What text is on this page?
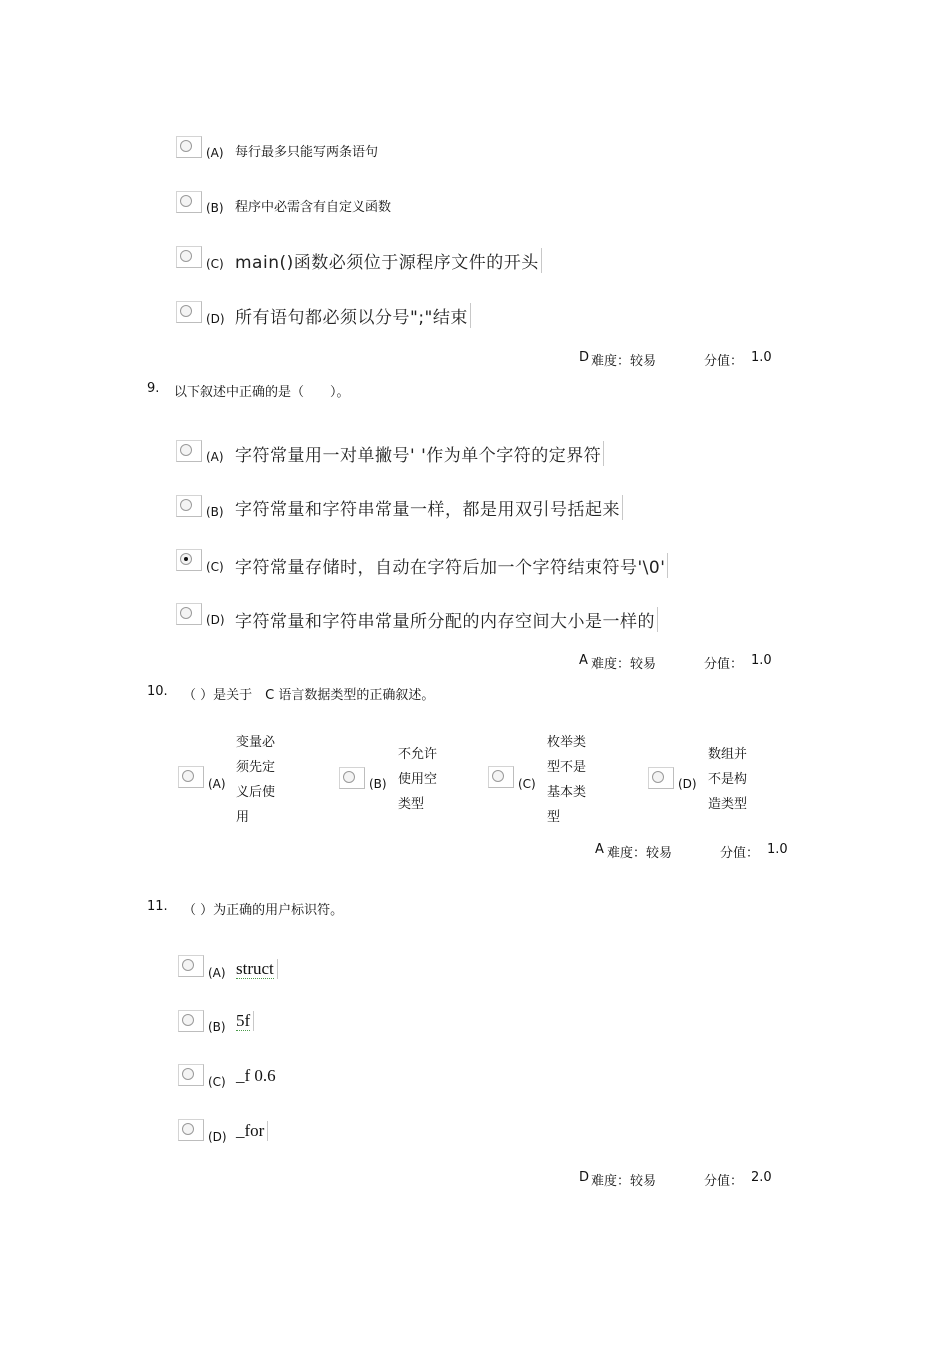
(A) 每行最多只能写两条语句
(B) 程序中必需含有自定义函数
(C) main()函数必须位于源程序文件的开头
(D) 所有语句都必须以分号";"结束
D 难度：较易	分值： 1.0
9. 以下叙述中正确的是（　　）。
(A) 字符常量用一对单撇号' '作为单个字符的定界符
(B) 字符常量和字符串常量一样，都是用双引号括起来
(C) 字符常量存储时，自动在字符后加一个字符结束符号'\0'
(D) 字符常量和字符串常量所分配的内存空间大小是一样的
A 难度：较易	分值： 1.0
10. （ ）是关于　C 语言数据类型的正确叙述。
(A)
变量必须先定义后使用
(B)
不允许使用空类型
(C)
枚举类型不是基本类型
(D)
数组并不是构造类型
A 难度：较易	分值： 1.0
11. （ ）为正确的用户标识符。
(A) struct
(B) 5f
(C) _f 0.6
(D) _for
D 难度：较易	分值： 2.0
